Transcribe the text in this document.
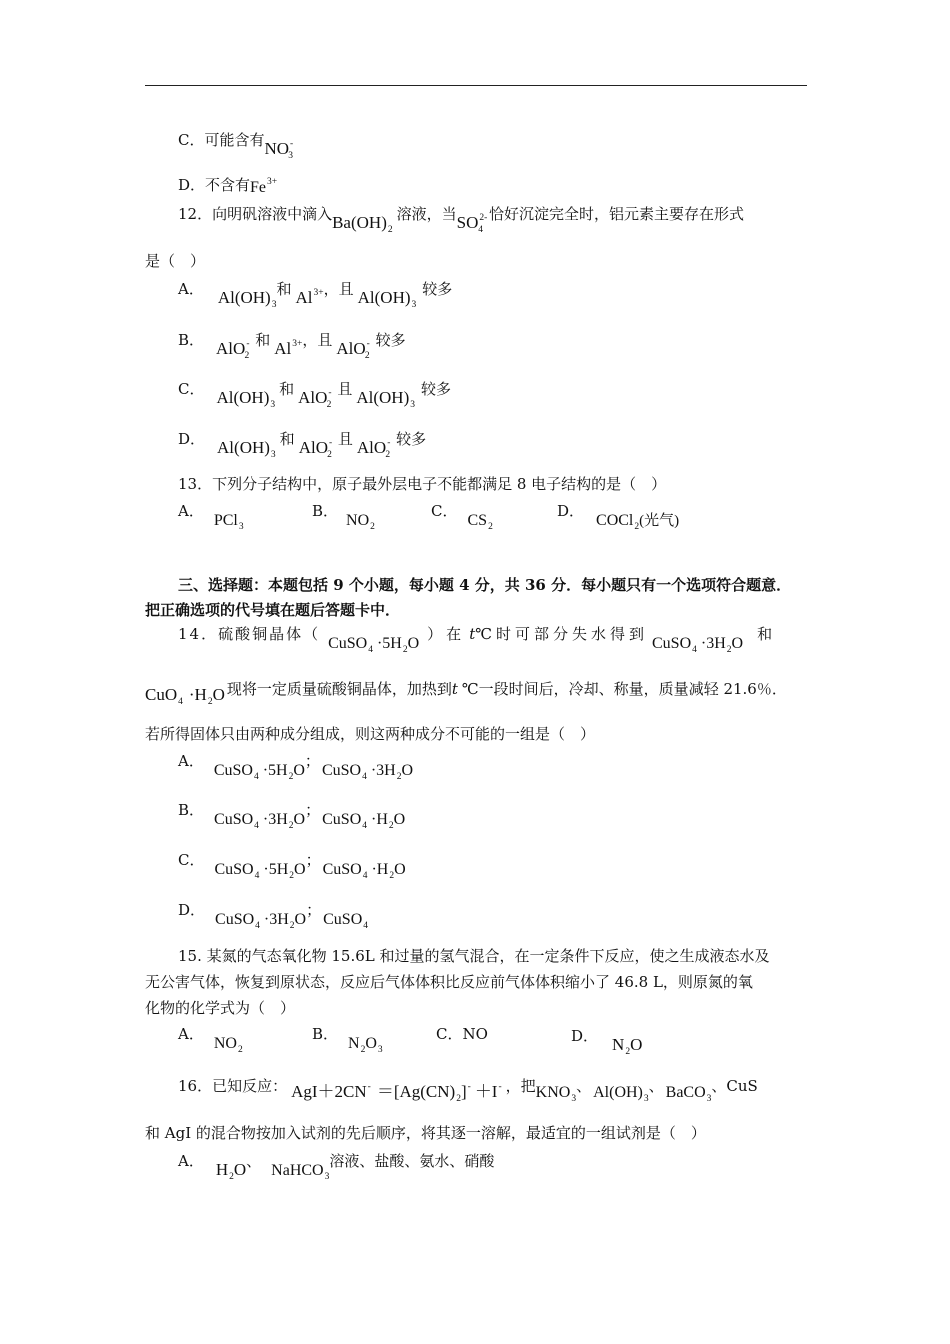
C．可能含有$NO^-_3$
D．不含有$Fe^{3+}$
12．向明矾溶液中滴入$Ba(OH)_2$溶液，当$SO^{2-}_4$恰好沉淀完全时，铝元素主要存在形式
是（　）
A． $Al(OH)_3$和 $Al^{3+}$，且 $Al(OH)_3$较多
B． AlO-$_2$和 $Al^{3+}$，且 AlO-$_2$较多
C． $Al(OH)_3$和 AlO-$_2$且 $Al(OH)_3$较多
D． $Al(OH)_3$和 AlO-$_2$且 AlO-$_2$较多
13．下列分子结构中，原子最外层电子不能都满足 8 电子结构的是（　）
A．PCl$_3$
B．$NO_2$
C．$CS_2$
D．COCl$_2$(光气)
三、选择题：本题包括 9 个小题，每小题 4 分，共 36 分．每小题只有一个选项符合题意．
把正确选项的代号填在题后答题卡中．
14．硫酸铜晶体（CuSO$_4$ $\cdot 5H_2O$）在 t℃时可部分失水得到CuSO$_4$ $\cdot 3H_2O$和
$CuO_4 \cdot H_2O$ 现将一定质量硫酸铜晶体，加热到t ℃一段时间后，冷却、称量，质量减轻 21.6％．
若所得固体只由两种成分组成，则这两种成分不可能的一组是（　）
A．CuSO$_4$ $\cdot 5H_2O$；CuSO$_4$ $\cdot 3H_2O$
B．CuSO$_4$ $\cdot 3H_2O$；CuSO$_4$ $\cdot H_2O$
C．CuSO$_4$ $\cdot 5H_2O$；CuSO$_4$ $\cdot H_2O$
D．CuSO$_4$ $\cdot 3H_2O$；CuSO$_4$
15. 某氮的气态氧化物 15.6L 和过量的氢气混合，在一定条件下反应，使之生成液态水及
无公害气体，恢复到原状态，反应后气体体积比反应前气体体积缩小了 46.8 L，则原氮的氧
化物的化学式为（　）
A．$NO_2$
B．$N_2O_3$
C．NO	D． $N_2O$
16．已知反应： $AgI+2CN^- =[Ag(CN)_2]^- +I^-$ ，把$KNO_3$、 $Al(OH)_3$、 BaCO$_3$、CuS
和 AgI 的混合物按加入试剂的先后顺序，将其逐一溶解，最适宜的一组试剂是（　）
A． $H_2O$、NaHCO$_3$溶液、盐酸、氨水、硝酸
